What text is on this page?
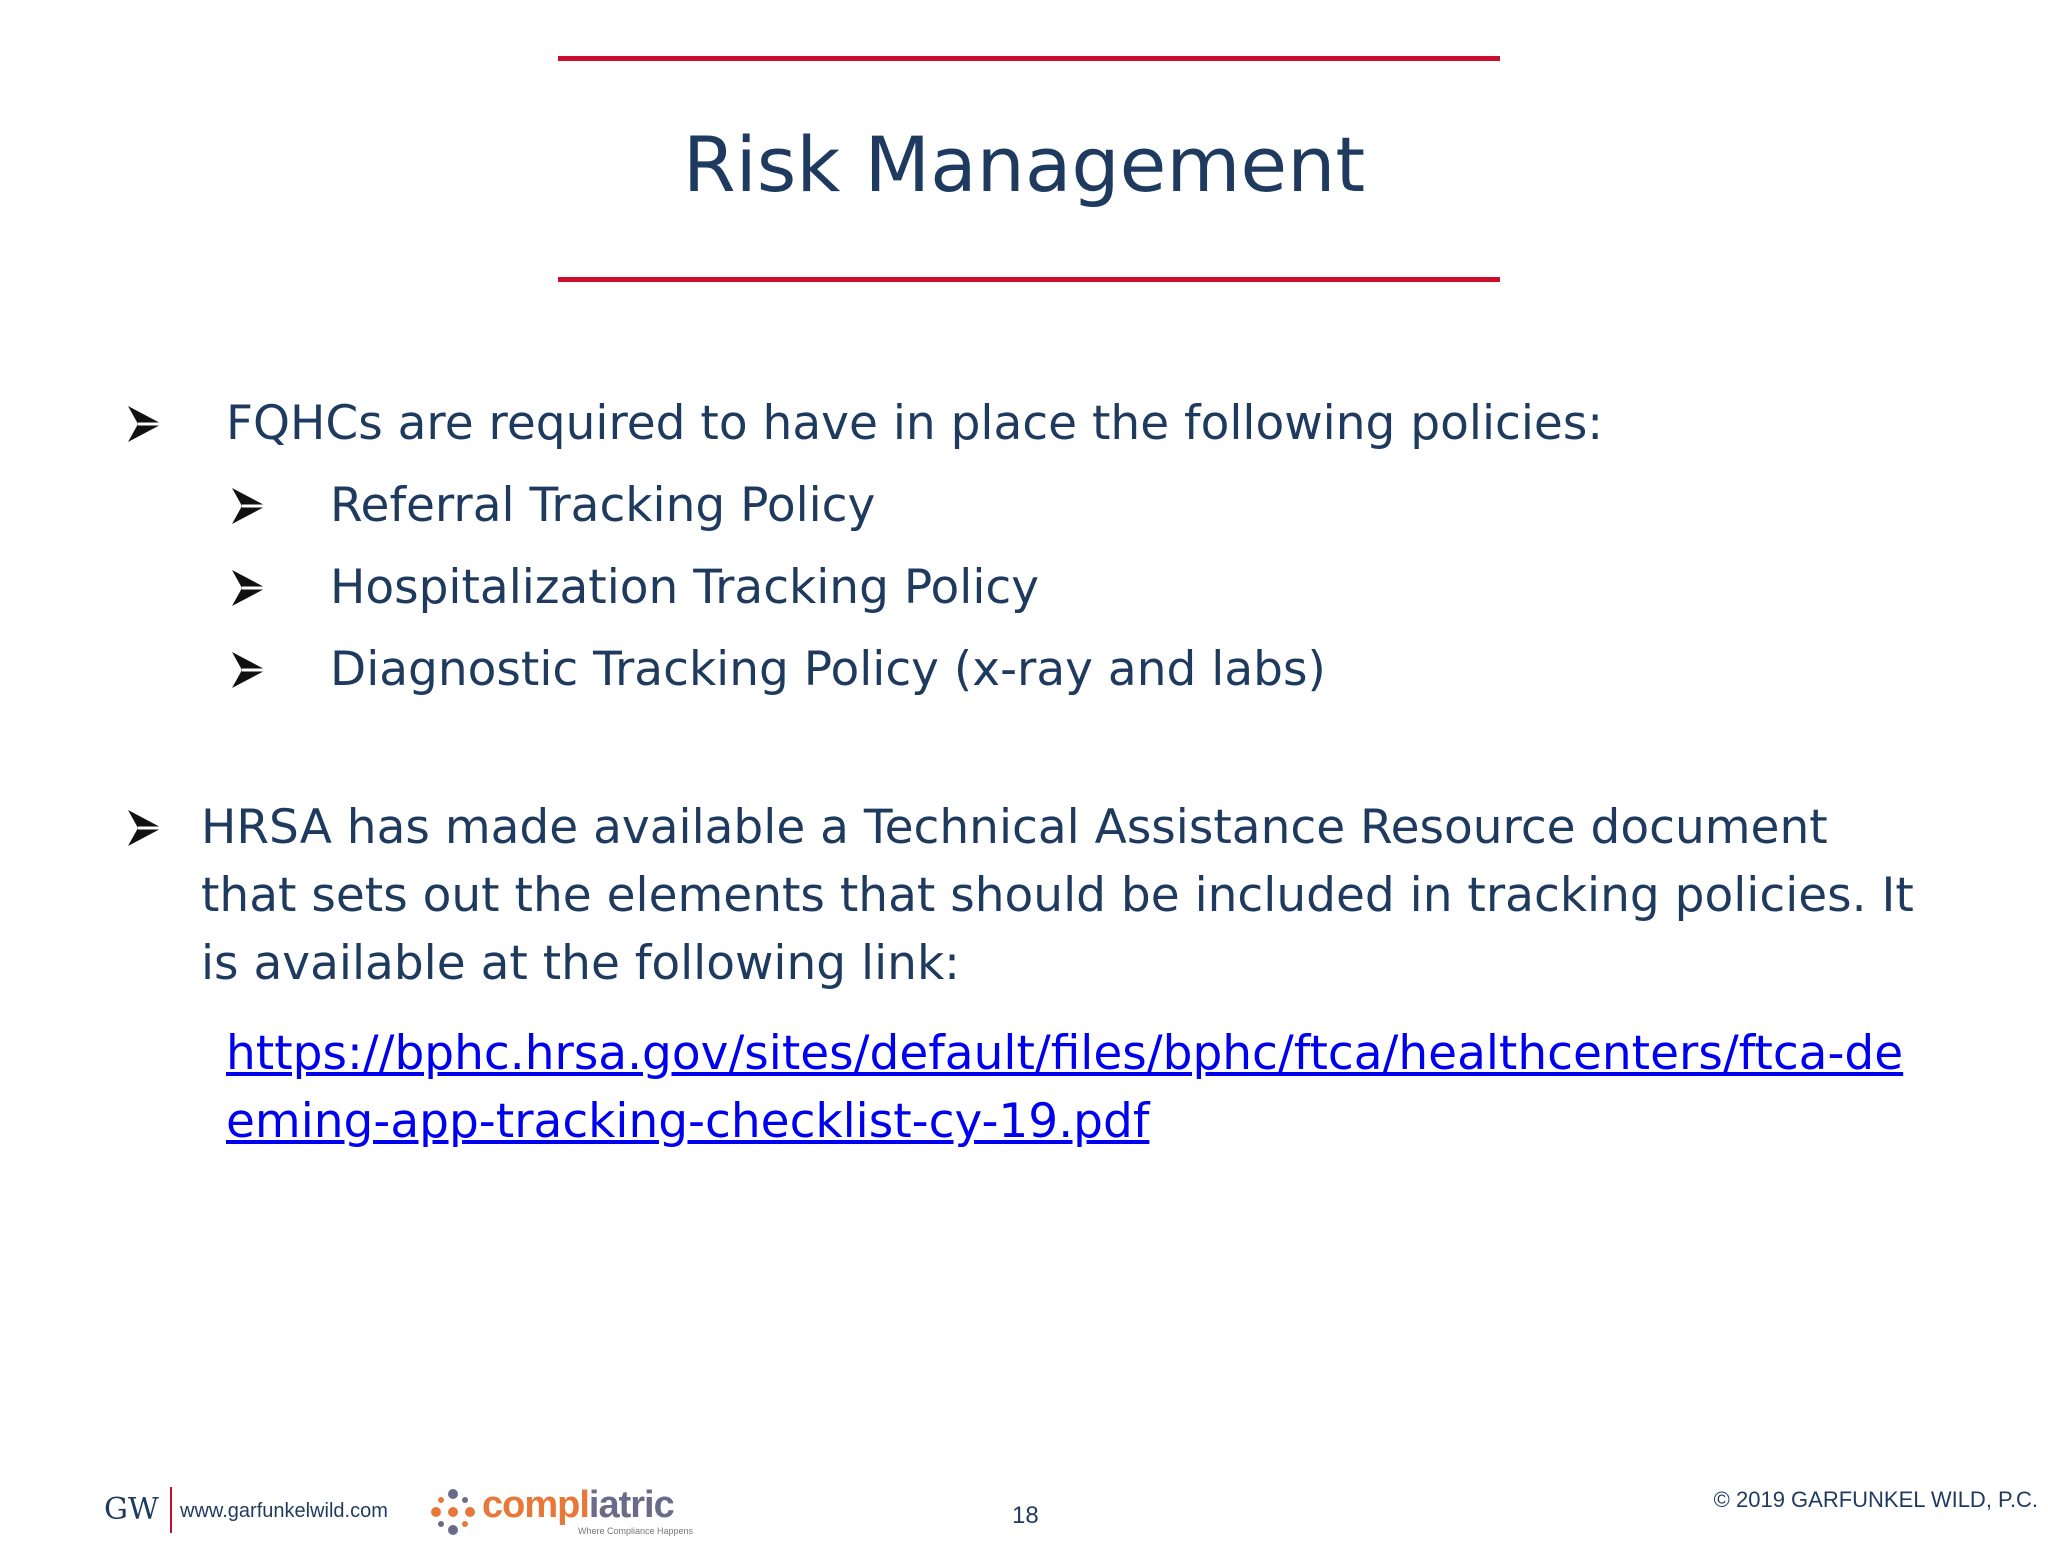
Risk Management
FQHCs are required to have in place the following policies:
Referral Tracking Policy
Hospitalization Tracking Policy
Diagnostic Tracking Policy (x-ray and labs)
HRSA has made available a Technical Assistance Resource document that sets out the elements that should be included in tracking policies. It is available at the following link:
https://bphc.hrsa.gov/sites/default/files/bphc/ftca/healthcenters/ftca-deeming-app-tracking-checklist-cy-19.pdf
GW www.garfunkelwild.com compliatric
Where Compliance Happens
18
© 2019 GARFUNKEL WILD, P.C.
